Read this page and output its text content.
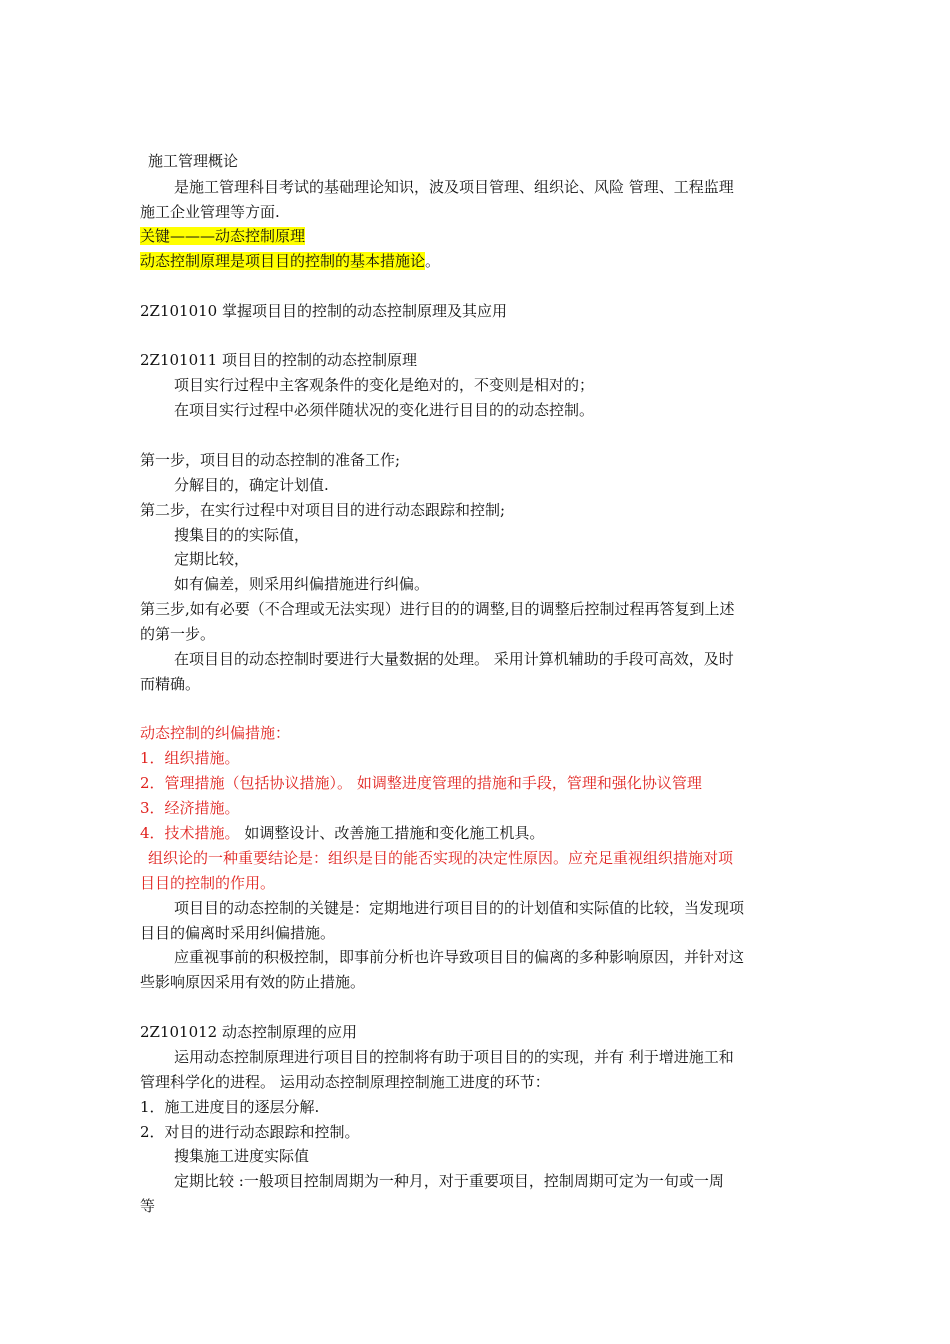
施工管理概论
是施工管理科目考试的基础理论知识，波及项目管理、组织论、风险 管理、工程监理
施工企业管理等方面.
关键———动态控制原理
动态控制原理是项目目的控制的基本措施论。
2Z101010 掌握项目目的控制的动态控制原理及其应用
2Z101011 项目目的控制的动态控制原理
项目实行过程中主客观条件的变化是绝对的，不变则是相对的；
在项目实行过程中必须伴随状况的变化进行目目的的动态控制。
第一步，项目目的动态控制的准备工作;
分解目的，确定计划值.
第二步，在实行过程中对项目目的进行动态跟踪和控制;
搜集目的的实际值，
定期比较，
如有偏差，则采用纠偏措施进行纠偏。
第三步,如有必要（不合理或无法实现）进行目的的调整,目的调整后控制过程再答复到上述
的第一步。
在项目目的动态控制时要进行大量数据的处理。 采用计算机辅助的手段可高效，及时
而精确。
动态控制的纠偏措施：
1．组织措施。
2．管理措施（包括协议措施）。 如调整进度管理的措施和手段，管理和强化协议管理
3．经济措施。
4．技术措施。 如调整设计、改善施工措施和变化施工机具。
组织论的一种重要结论是：组织是目的能否实现的决定性原因。应充足重视组织措施对项
目目的控制的作用。
项目目的动态控制的关键是：定期地进行项目目的的计划值和实际值的比较，当发现项
目目的偏离时采用纠偏措施。
应重视事前的积极控制，即事前分析也许导致项目目的偏离的多种影响原因，并针对这
些影响原因采用有效的防止措施。
2Z101012 动态控制原理的应用
运用动态控制原理进行项目目的控制将有助于项目目的的实现，并有 利于增进施工和
管理科学化的进程。 运用动态控制原理控制施工进度的环节：
1．施工进度目的逐层分解.
2．对目的进行动态跟踪和控制。
搜集施工进度实际值
定期比较 :一般项目控制周期为一种月，对于重要项目，控制周期可定为一旬或一周
等
